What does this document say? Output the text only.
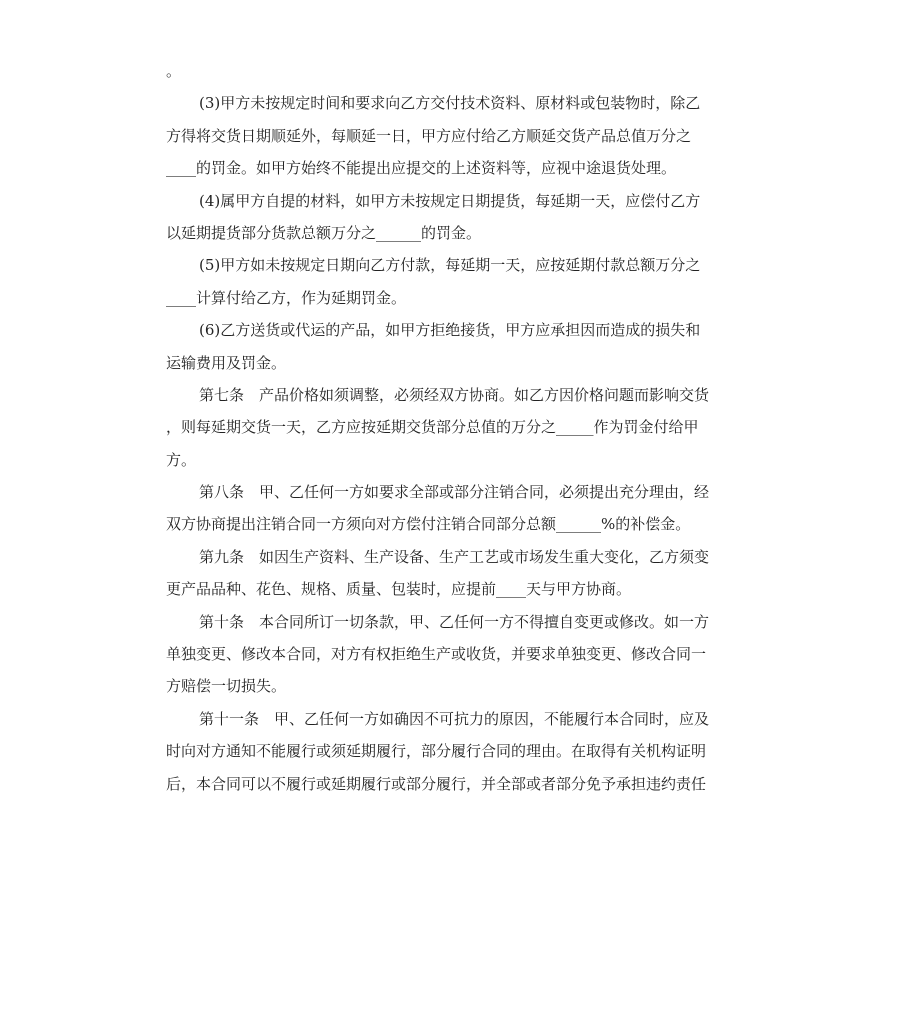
。
(3)甲方未按规定时间和要求向乙方交付技术资料、原材料或包装物时，除乙
方得将交货日期顺延外，每顺延一日，甲方应付给乙方顺延交货产品总值万分之
____的罚金。如甲方始终不能提出应提交的上述资料等，应视中途退货处理。
(4)属甲方自提的材料，如甲方未按规定日期提货，每延期一天，应偿付乙方
以延期提货部分货款总额万分之______的罚金。
(5)甲方如未按规定日期向乙方付款，每延期一天，应按延期付款总额万分之
____计算付给乙方，作为延期罚金。
(6)乙方送货或代运的产品，如甲方拒绝接货，甲方应承担因而造成的损失和
运输费用及罚金。
第七条　产品价格如须调整，必须经双方协商。如乙方因价格问题而影响交货
，则每延期交货一天，乙方应按延期交货部分总值的万分之_____作为罚金付给甲
方。
第八条　甲、乙任何一方如要求全部或部分注销合同，必须提出充分理由，经
双方协商提出注销合同一方须向对方偿付注销合同部分总额______%的补偿金。
第九条　如因生产资料、生产设备、生产工艺或市场发生重大变化，乙方须变
更产品品种、花色、规格、质量、包装时，应提前____天与甲方协商。
第十条　本合同所订一切条款，甲、乙任何一方不得擅自变更或修改。如一方
单独变更、修改本合同，对方有权拒绝生产或收货，并要求单独变更、修改合同一
方赔偿一切损失。
第十一条　甲、乙任何一方如确因不可抗力的原因，不能履行本合同时，应及
时向对方通知不能履行或须延期履行，部分履行合同的理由。在取得有关机构证明
后，本合同可以不履行或延期履行或部分履行，并全部或者部分免予承担违约责任
